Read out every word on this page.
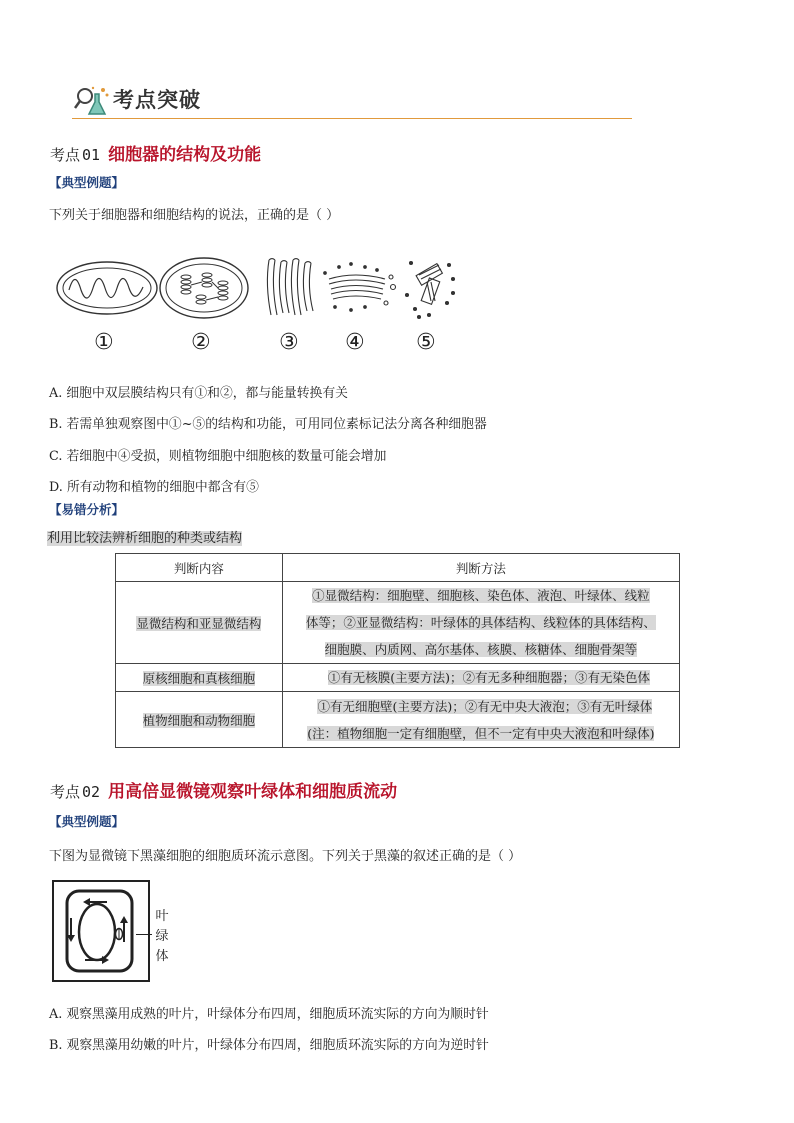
考点突破
考点 01 细胞器的结构及功能
【典型例题】
下列关于细胞器和细胞结构的说法，正确的是（ ）
①	②	③ ④ ⑤
A. 细胞中双层膜结构只有①和②，都与能量转换有关
B. 若需单独观察图中①~⑤的结构和功能，可用同位素标记法分离各种细胞器
C. 若细胞中④受损，则植物细胞中细胞核的数量可能会增加
D. 所有动物和植物的细胞中都含有⑤
【易错分析】
利用比较法辨析细胞的种类或结构
判断内容	判断方法
显微结构和亚显微结构	①显微结构：细胞壁、细胞核、染色体、液泡、叶绿体、线粒
体等；②亚显微结构：叶绿体的具体结构、线粒体的具体结构、
细胞膜、内质网、高尔基体、核膜、核糖体、细胞骨架等
原核细胞和真核细胞	①有无核膜(主要方法)；②有无多种细胞器；③有无染色体
植物细胞和动物细胞	①有无细胞壁(主要方法)；②有无中央大液泡；③有无叶绿体
(注：植物细胞一定有细胞壁，但不一定有中央大液泡和叶绿体)
考点 02 用高倍显微镜观察叶绿体和细胞质流动
【典型例题】
下图为显微镜下黑藻细胞的细胞质环流示意图。下列关于黑藻的叙述正确的是（ ）
叶
绿
体
A. 观察黑藻用成熟的叶片，叶绿体分布四周，细胞质环流实际的方向为顺时针
B. 观察黑藻用幼嫩的叶片，叶绿体分布四周，细胞质环流实际的方向为逆时针
